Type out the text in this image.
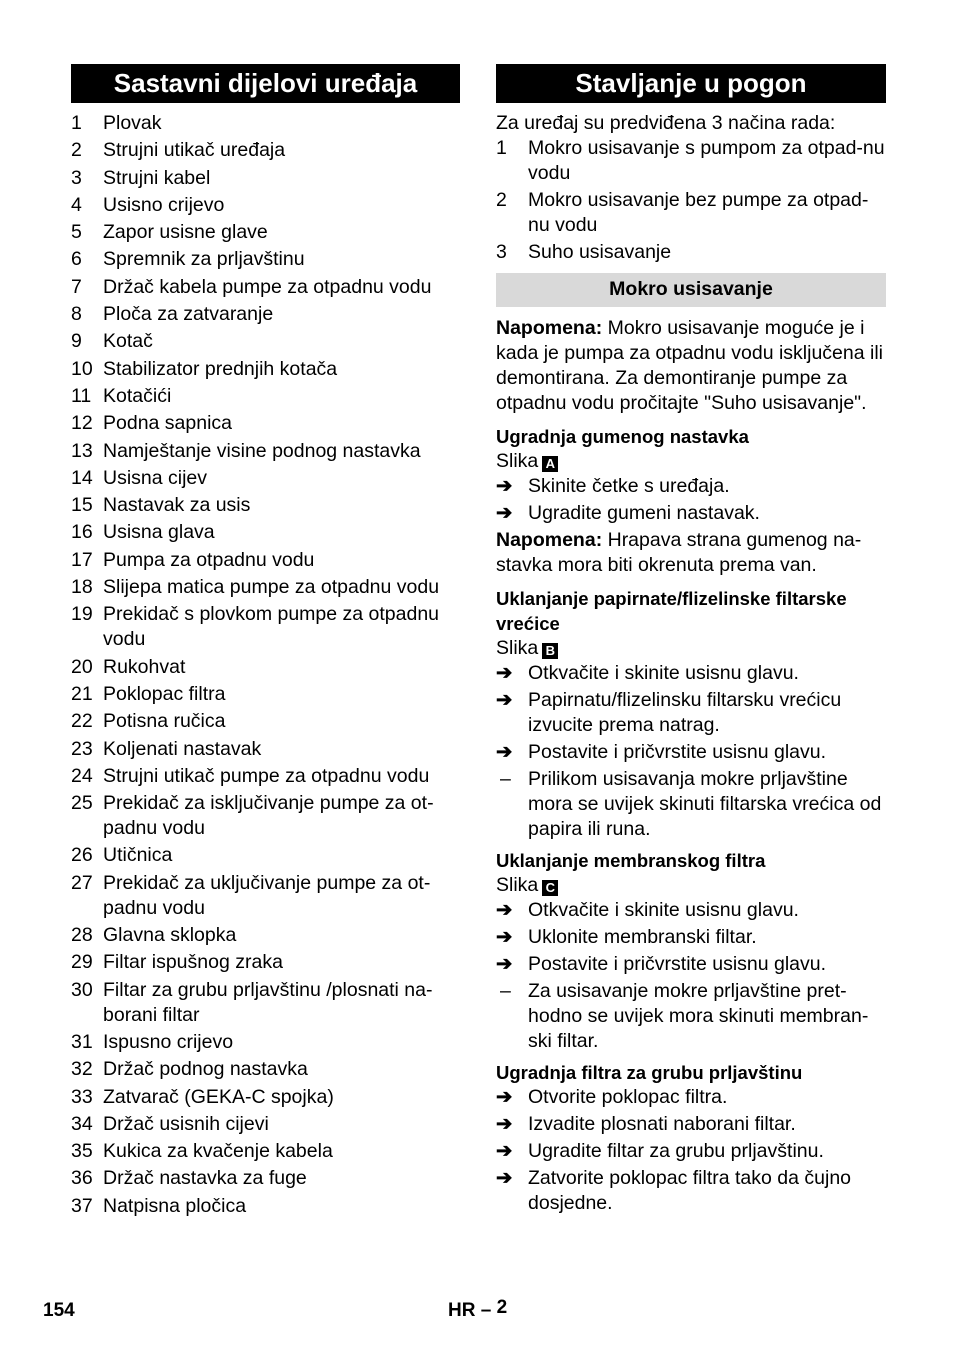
Sastavni dijelovi uređaja
1	Plovak
2	Strujni utikač uređaja
3	Strujni kabel
4	Usisno crijevo
5	Zapor usisne glave
6	Spremnik za prljavštinu
7	Držač kabela pumpe za otpadnu vodu
8	Ploča za zatvaranje
9	Kotač
10 Stabilizator prednjih kotača
11 Kotačići
12 Podna sapnica
13 Namještanje visine podnog nastavka
14 Usisna cijev
15 Nastavak za usis
16 Usisna glava
17 Pumpa za otpadnu vodu
18 Slijepa matica pumpe za otpadnu vodu
19 Prekidač s plovkom pumpe za otpadnu vodu
20 Rukohvat
21 Poklopac filtra
22 Potisna ručica
23 Koljenati nastavak
24 Strujni utikač pumpe za otpadnu vodu
25 Prekidač za isključivanje pumpe za ot-padnu vodu
26 Utičnica
27 Prekidač za uključivanje pumpe za ot-padnu vodu
28 Glavna sklopka
29 Filtar ispušnog zraka
30 Filtar za grubu prljavštinu /plosnati na-borani filtar
31 Ispusno crijevo
32 Držač podnog nastavka
33 Zatvarač (GEKA-C spojka)
34 Držač usisnih cijevi
35 Kukica za kvačenje kabela
36 Držač nastavka za fuge
37 Natpisna pločica
Stavljanje u pogon

Za uređaj su predviđena 3 načina rada:

1	Mokro usisavanje s pumpom za otpad-nu vodu
2	Mokro usisavanje bez pumpe za otpad-nu vodu
3	Suho usisavanje
Mokro usisavanje

Napomena: Mokro usisavanje moguće je i kada je pumpa za otpadnu vodu isključena ili demontirana. Za demontiranje pumpe za otpadnu vodu pročitajte "Suho usisavanje".

Ugradnja gumenog nastavka
Slika A
➔ Skinite četke s uređaja.
➔ Ugradite gumeni nastavak.

Napomena: Hrapava strana gumenog na-stavka mora biti okrenuta prema van.

Uklanjanje papirnate/flizelinske filtarske vrećice
Slika B
➔ Otkvačite i skinite usisnu glavu.
➔ Papirnatu/flizelinsku filtarsku vrećicu izvucite prema natrag.
➔ Postavite i pričvrstite usisnu glavu.
– Prilikom usisavanja mokre prljavštine mora se uvijek skinuti filtarska vrećica od papira ili runa.
Uklanjanje membranskog filtra
Slika C
➔ Otkvačite i skinite usisnu glavu.
➔ Uklonite membranski filtar.
➔ Postavite i pričvrstite usisnu glavu.
– Za usisavanje mokre prljavštine pret-hodno se uvijek mora skinuti membran-ski filtar.
Ugradnja filtra za grubu prljavštinu
➔ Otvorite poklopac filtra.
➔ Izvadite plosnati naborani filtar.
➔ Ugradite filtar za grubu prljavštinu.
➔ Zatvorite poklopac filtra tako da čujno dosjedne.
154	HR – 2
